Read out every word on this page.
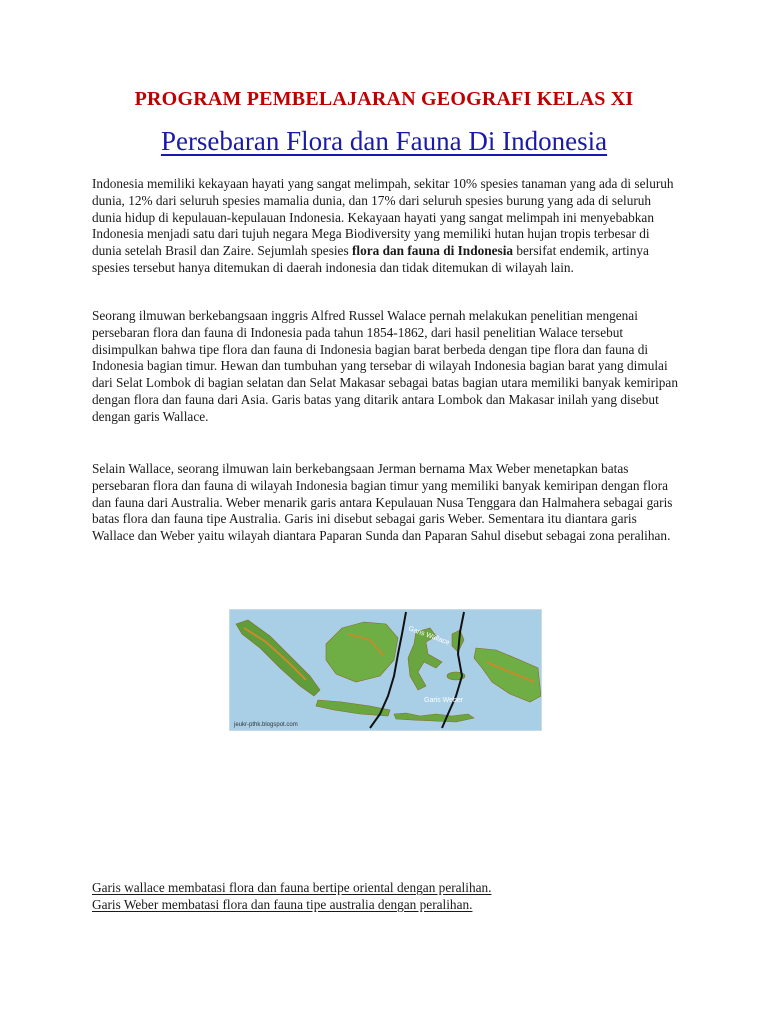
PROGRAM PEMBELAJARAN GEOGRAFI KELAS XI
Persebaran Flora dan Fauna Di Indonesia

Indonesia memiliki kekayaan hayati yang sangat melimpah, sekitar 10% spesies tanaman yang ada di seluruh dunia, 12% dari seluruh spesies mamalia dunia, dan 17% dari seluruh spesies burung yang ada di seluruh dunia hidup di kepulauan-kepulauan Indonesia. Kekayaan hayati yang sangat melimpah ini menyebabkan Indonesia menjadi satu dari tujuh negara Mega Biodiversity yang memiliki hutan hujan tropis terbesar di dunia setelah Brasil dan Zaire. Sejumlah spesies flora dan fauna di Indonesia bersifat endemik, artinya spesies tersebut hanya ditemukan di daerah indonesia dan tidak ditemukan di wilayah lain.

Seorang ilmuwan berkebangsaan inggris Alfred Russel Walace pernah melakukan penelitian mengenai persebaran flora dan fauna di Indonesia pada tahun 1854-1862, dari hasil penelitian Walace tersebut disimpulkan bahwa tipe flora dan fauna di Indonesia bagian barat berbeda dengan tipe flora dan fauna di Indonesia bagian timur. Hewan dan tumbuhan yang tersebar di wilayah Indonesia bagian barat yang dimulai dari Selat Lombok di bagian selatan dan Selat Makasar sebagai batas bagian utara memiliki banyak kemiripan dengan flora dan fauna dari Asia. Garis batas yang ditarik antara Lombok dan Makasar inilah yang disebut dengan garis Wallace.

Selain Wallace, seorang ilmuwan lain berkebangsaan Jerman bernama Max Weber menetapkan batas persebaran flora dan fauna di wilayah Indonesia bagian timur yang memiliki banyak kemiripan dengan flora dan fauna dari Australia. Weber menarik garis antara Kepulauan Nusa Tenggara dan Halmahera sebagai garis batas flora dan fauna tipe Australia. Garis ini disebut sebagai garis Weber. Sementara itu diantara garis Wallace dan Weber yaitu wilayah diantara Paparan Sunda dan Paparan Sahul disebut sebagai zona peralihan.

Garis Wallace
Garis Weber
jeukr-pthk.blogspot.com
Garis wallace membatasi flora dan fauna bertipe oriental dengan peralihan.
Garis Weber membatasi flora dan fauna tipe australia dengan peralihan.
